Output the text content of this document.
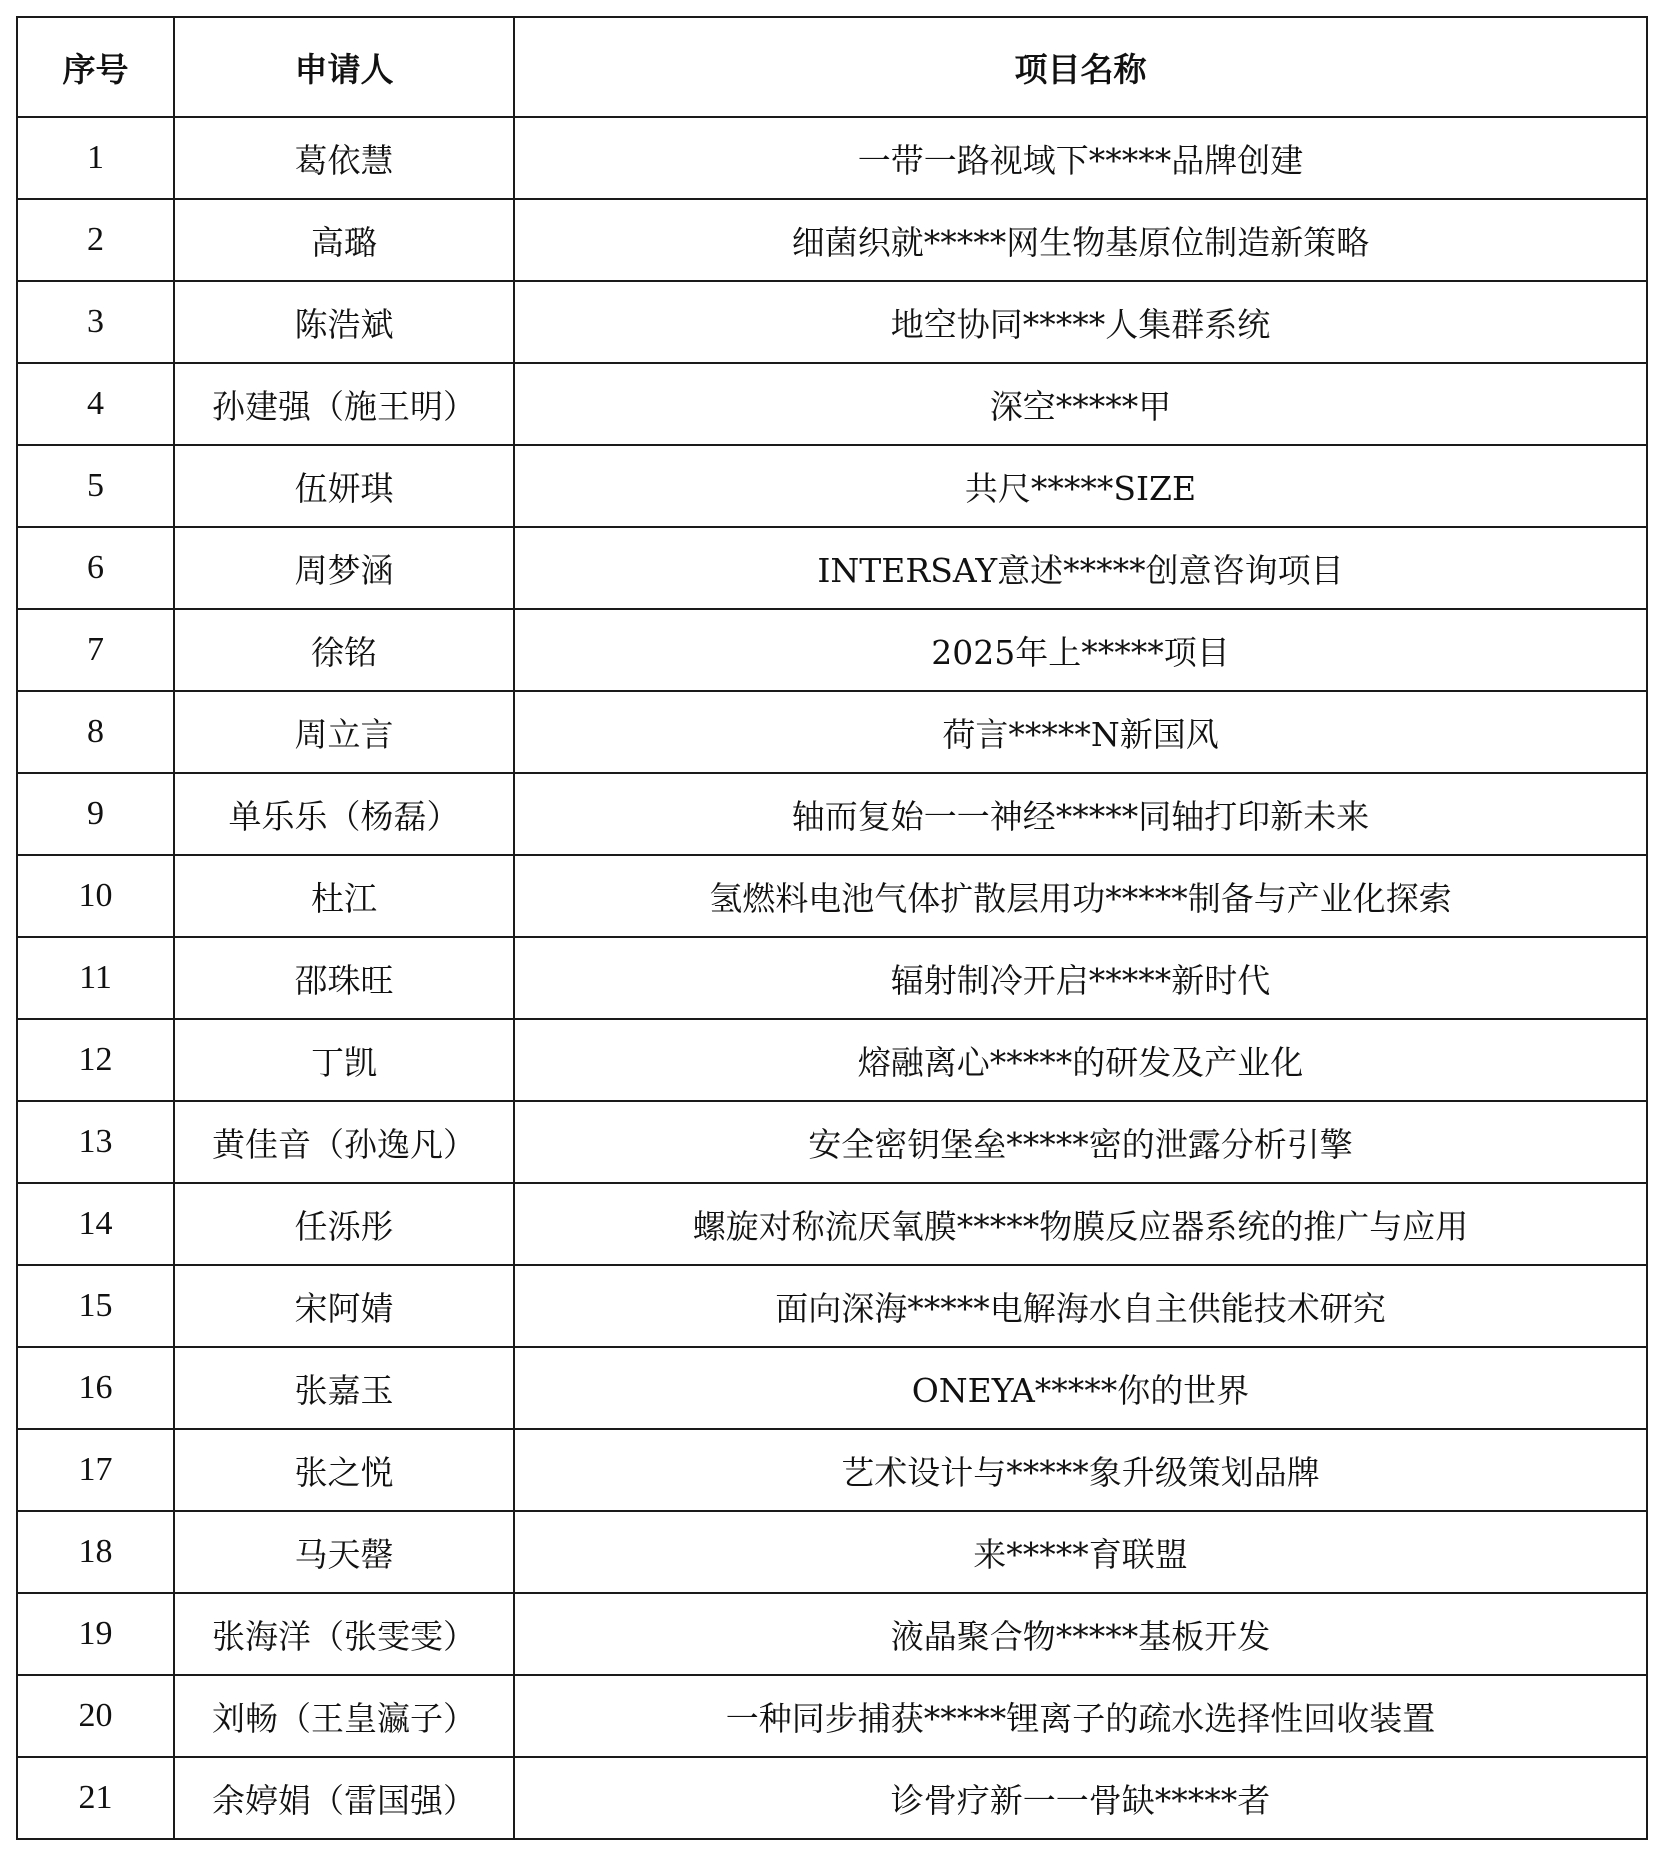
序号	申请人	项目名称
1	葛依慧	一带一路视域下*****品牌创建
2	高璐	细菌织就*****网生物基原位制造新策略
3	陈浩斌	地空协同*****人集群系统
4	孙建强（施王明）	深空*****甲
5	伍妍琪	共尺*****SIZE
6	周梦涵	INTERSAY意述*****创意咨询项目
7	徐铭	2025年上*****项目
8	周立言	荷言*****N新国风
9	单乐乐（杨磊）	轴而复始一一神经*****同轴打印新未来
10	杜江	氢燃料电池气体扩散层用功*****制备与产业化探索
11	邵珠旺	辐射制冷开启*****新时代
12	丁凯	熔融离心*****的研发及产业化
13	黄佳音（孙逸凡）	安全密钥堡垒*****密的泄露分析引擎
14	任泺彤	螺旋对称流厌氧膜*****物膜反应器系统的推广与应用
15	宋阿婧	面向深海*****电解海水自主供能技术研究
16	张嘉玉	ONEYA*****你的世界
17	张之悦	艺术设计与*****象升级策划品牌
18	马天罄	来*****育联盟
19	张海洋（张雯雯）	液晶聚合物*****基板开发
20	刘畅（王皇瀛子）	一种同步捕获*****锂离子的疏水选择性回收装置
21	余婷娟（雷国强）	诊骨疗新一一骨缺*****者
